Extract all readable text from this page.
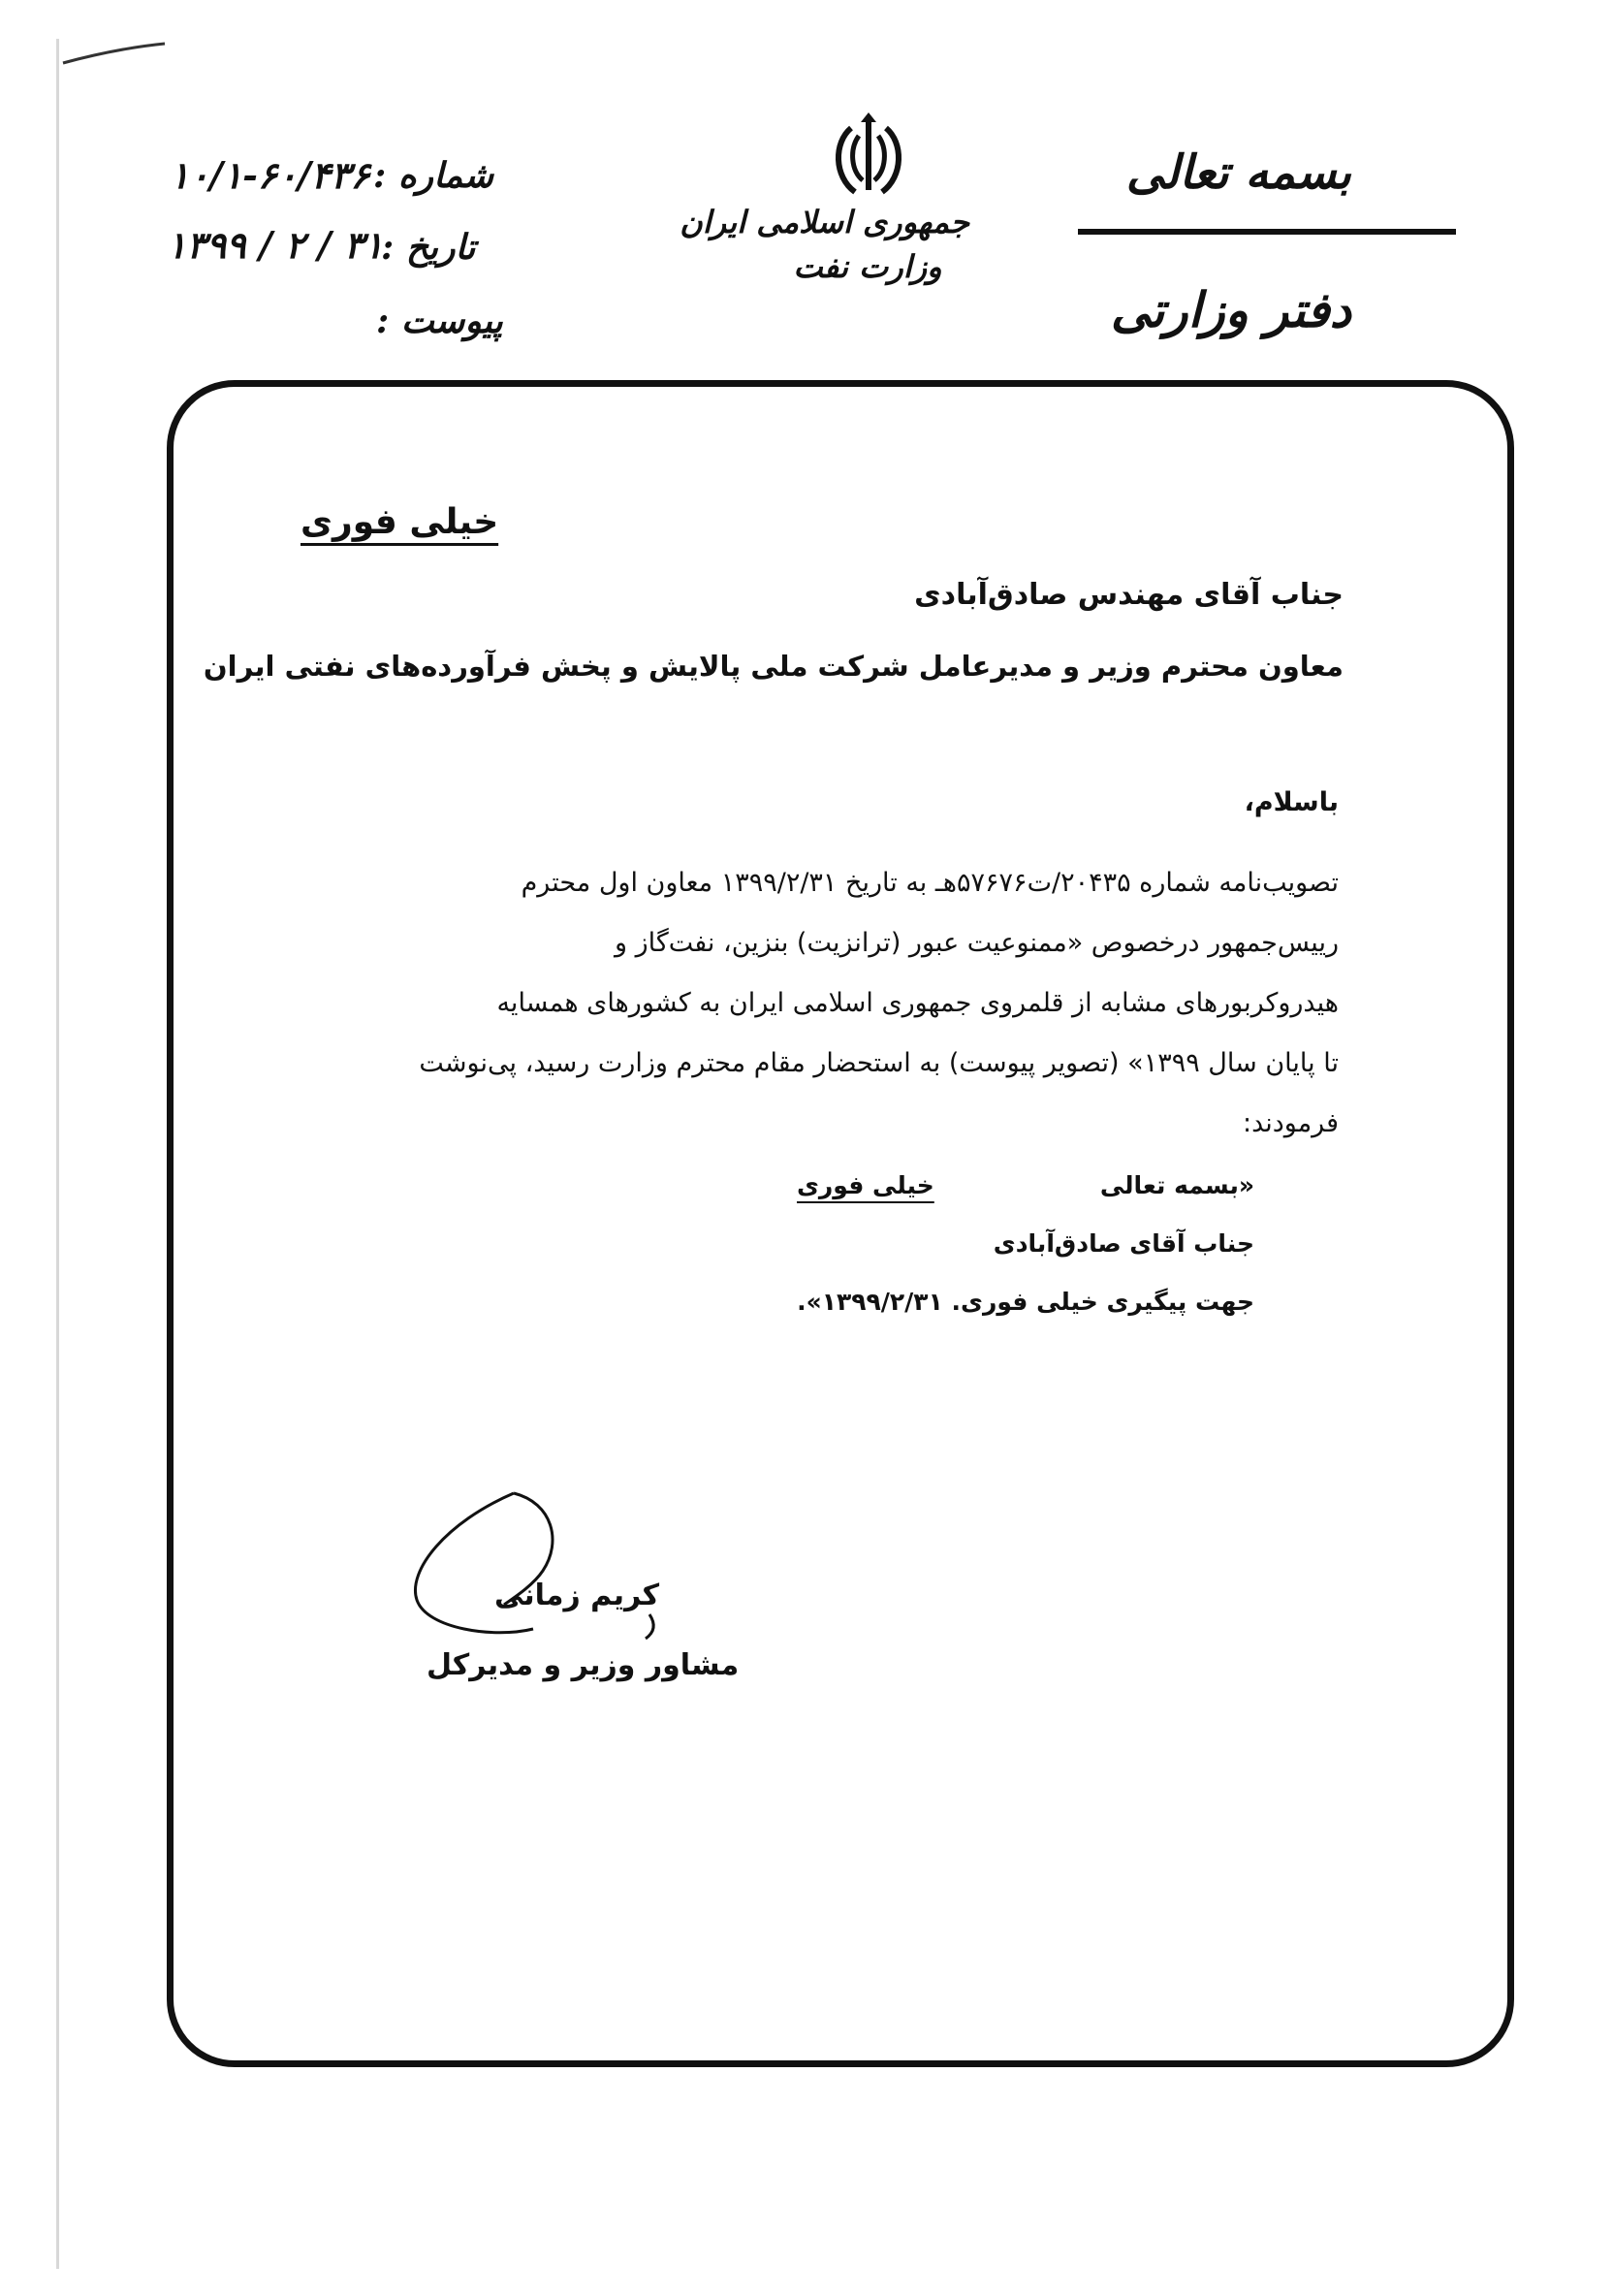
بسمه تعالی
دفتر وزارتی
جمهوری اسلامی ایران
وزارت نفت
شماره :
۱۰/۱-۶۰/۴۳۶
تاریخ :
۱۳۹۹ / ۲ / ۳۱
پیوست :
خیلی فوری
جناب آقای مهندس صادق‌آبادی
معاون محترم وزیر و مدیرعامل شرکت ملی پالایش و پخش فرآورده‌های نفتی ایران
باسلام،

تصویب‌نامه شماره ۲۰۴۳۵/ت۵۷۶۷۶هـ به تاریخ ۱۳۹۹/۲/۳۱ معاون اول محترم

رییس‌جمهور درخصوص «ممنوعیت عبور (ترانزیت) بنزین، نفت‌گاز و

هیدروکربورهای مشابه از قلمروی جمهوری اسلامی ایران به کشورهای همسایه

تا پایان سال ۱۳۹۹» (تصویر پیوست) به استحضار مقام محترم وزارت رسید، پی‌نوشت

فرمودند:

«بسمه تعالی
خیلی فوری
جناب آقای صادق‌آبادی
جهت پیگیری خیلی فوری. ۱۳۹۹/۲/۳۱».
کریم زمانی
مشاور وزیر و مدیرکل
